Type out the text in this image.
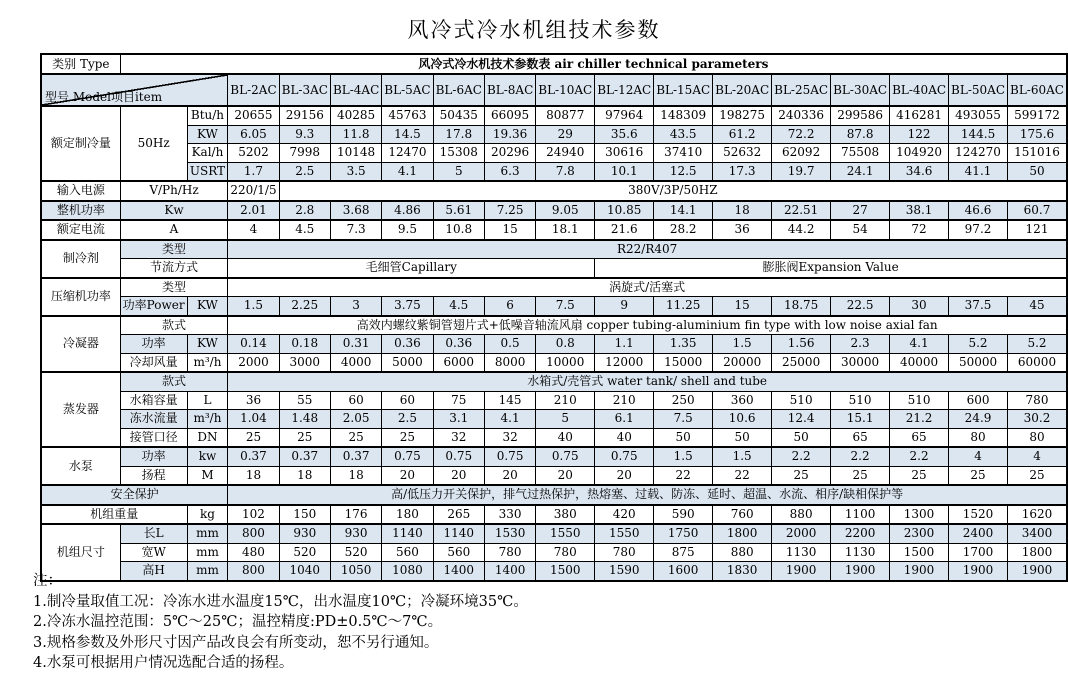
风冷式冷水机组技术参数
类别 Type	风冷式冷水机技术参数表 air chiller technical parameters																

型号 Model项目item			BL-2AC	BL-3AC	BL-4AC	BL-5AC	BL-6AC	BL-8AC	BL-10AC	BL-12AC	BL-15AC	BL-20AC	BL-25AC	BL-30AC	BL-40AC	BL-50AC	BL-60AC
额定制冷量	50Hz	Btu/h	20655	29156	40285	45763	50435	66095	80877	97964	148309	198275	240336	299586	416281	493055	599172
		KW	6.05	9.3	11.8	14.5	17.8	19.36	29	35.6	43.5	61.2	72.2	87.8	122	144.5	175.6
		Kal/h	5202	7998	10148	12470	15308	20296	24940	30616	37410	52632	62092	75508	104920	124270	151016
		USRT	1.7	2.5	3.5	4.1	5	6.3	7.8	10.1	12.5	17.3	19.7	24.1	34.6	41.1	50
输入电源	V/Ph/Hz		220/1/5	380V/3P/50HZ													
整机功率	Kw		2.01	2.8	3.68	4.86	5.61	7.25	9.05	10.85	14.1	18	22.51	27	38.1	46.6	60.7
额定电流	A		4	4.5	7.3	9.5	10.8	15	18.1	21.6	28.2	36	44.2	54	72	97.2	121
制冷剂	类型		R22/R407														
	节流方式		毛细管Capillary							膨胀阀Expansion Value							
压缩机功率	类型		涡旋式/活塞式														
	功率Power	KW	1.5	2.25	3	3.75	4.5	6	7.5	9	11.25	15	18.75	22.5	30	37.5	45
冷凝器	款式		高效内螺纹紫铜管翅片式+低噪音轴流风扇 copper tubing-aluminium fin type with low noise axial fan														
	功率	KW	0.14	0.18	0.31	0.36	0.36	0.5	0.8	1.1	1.35	1.5	1.56	2.3	4.1	5.2	5.2
	冷却风量	m³/h	2000	3000	4000	5000	6000	8000	10000	12000	15000	20000	25000	30000	40000	50000	60000
蒸发器	款式		水箱式/壳管式 water tank/ shell and tube														
	水箱容量	L	36	55	60	60	75	145	210	210	250	360	510	510	510	600	780
	冻水流量	m³/h	1.04	1.48	2.05	2.5	3.1	4.1	5	6.1	7.5	10.6	12.4	15.1	21.2	24.9	30.2
	接管口径	DN	25	25	25	25	32	32	40	40	50	50	50	65	65	80	80
水泵	功率	kw	0.37	0.37	0.37	0.75	0.75	0.75	0.75	0.75	1.5	1.5	2.2	2.2	2.2	4	4
	扬程	M	18	18	18	20	20	20	20	20	22	22	25	25	25	25	25
安全保护			高/低压力开关保护，排气过热保护，热熔塞、过载、防冻、延时、超温、水流、相序/缺相保护等														
机组重量		kg	102	150	176	180	265	330	380	420	590	760	880	1100	1300	1520	1620
机组尺寸	长L	mm	800	930	930	1140	1140	1530	1550	1550	1750	1800	2000	2200	2300	2400	3400
	宽W	mm	480	520	520	560	560	780	780	780	875	880	1130	1130	1500	1700	1800
	高H	mm	800	1040	1050	1080	1400	1400	1500	1590	1600	1830	1900	1900	1900	1900	1900
注：
1.制冷量取值工况：冷冻水进水温度15℃，出水温度10℃；冷凝环境35℃。
2.冷冻水温控范围：5℃～25℃；温控精度:PD±0.5℃～7℃。
3.规格参数及外形尺寸因产品改良会有所变动，恕不另行通知。
4.水泵可根据用户情况选配合适的扬程。
